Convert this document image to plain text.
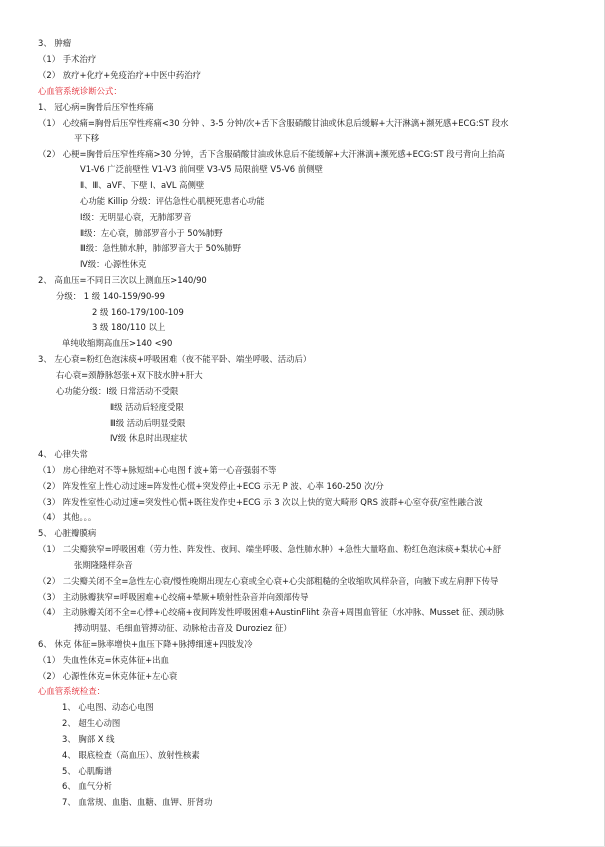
3、 肿瘤
（1） 手术治疗
（2） 放疗+化疗+免疫治疗+中医中药治疗
心血管系统诊断公式：
1、 冠心病=胸骨后压窄性疼痛
（1） 心绞痛=胸骨后压窄性疼痛<30 分钟 、3-5 分钟/次+舌下含服硝酸甘油或休息后缓解+大汗淋漓+濒死感+ECG:ST 段水
平下移
（2） 心梗=胸骨后压窄性疼痛>30 分钟，舌下含服硝酸甘油或休息后不能缓解+大汗淋漓+濒死感+ECG:ST 段弓背向上抬高
V1-V6 广泛前壁性 V1-V3 前间壁 V3-V5 局限前壁 V5-V6 前侧壁
Ⅱ、Ⅲ、aVF、下壁 Ⅰ、aVL 高侧壁
心功能 Killip 分级：评估急性心肌梗死患者心功能
Ⅰ级：无明显心衰，无肺部罗音
Ⅱ级：左心衰，肺部罗音小于 50%肺野
Ⅲ级：急性肺水肿，肺部罗音大于 50%肺野
Ⅳ级：心源性休克
2、 高血压=不同日三次以上测血压>140/90
分级： 1 级 140-159/90-99
2 级 160-179/100-109
3 级 180/110 以上
单纯收缩期高血压>140 <90
3、 左心衰=粉红色泡沫痰+呼吸困难（夜不能平卧、端坐呼吸、活动后）
右心衰=颈静脉怒张+双下肢水肿+肝大
心功能分级：Ⅰ级 日常活动不受限
Ⅱ级 活动后轻度受限
Ⅲ级 活动后明显受限
Ⅳ级 休息时出现症状
4、 心律失常
（1） 房心律绝对不等+脉短绌+心电图 f 波+第一心音强弱不等
（2） 阵发性室上性心动过速=阵发性心慌+突发停止+ECG 示无 P 波、心率 160-250 次/分
（3） 阵发性室性心动过速=突发性心慌+既往发作史+ECG 示 3 次以上快的宽大畸形 QRS 波群+心室夺获/室性融合波
（4） 其他。。。
5、 心脏瓣膜病
（1） 二尖瓣狭窄=呼吸困难（劳力性、阵发性、夜间、端坐呼吸、急性肺水肿）+急性大量咯血、粉红色泡沫痰+梨状心+舒
张期隆隆样杂音
（2） 二尖瓣关闭不全=急性左心衰/慢性晚期出现左心衰或全心衰+心尖部粗糙的全收缩吹风样杂音，向腋下或左肩胛下传导
（3） 主动脉瓣狭窄=呼吸困难+心绞痛+晕厥+喷射性杂音并向颈部传导
（4） 主动脉瓣关闭不全=心悸+心绞痛+夜间阵发性呼吸困难+AustinFliht 杂音+周围血管征（水冲脉、Musset 征、颈动脉
搏动明显、毛细血管搏动征、动脉枪击音及 Duroziez 征）
6、 休克 体征=脉率增快+血压下降+脉搏细速+四肢发冷
（1） 失血性休克=休克体征+出血
（2） 心源性休克=休克体征+左心衰
心血管系统检查：
1、 心电图、动态心电图
2、 超生心动图
3、 胸部 X 线
4、 眼底检查（高血压）、放射性核素
5、 心肌酶谱
6、 血气分析
7、 血常规、血脂、血糖、血钾、肝肾功
